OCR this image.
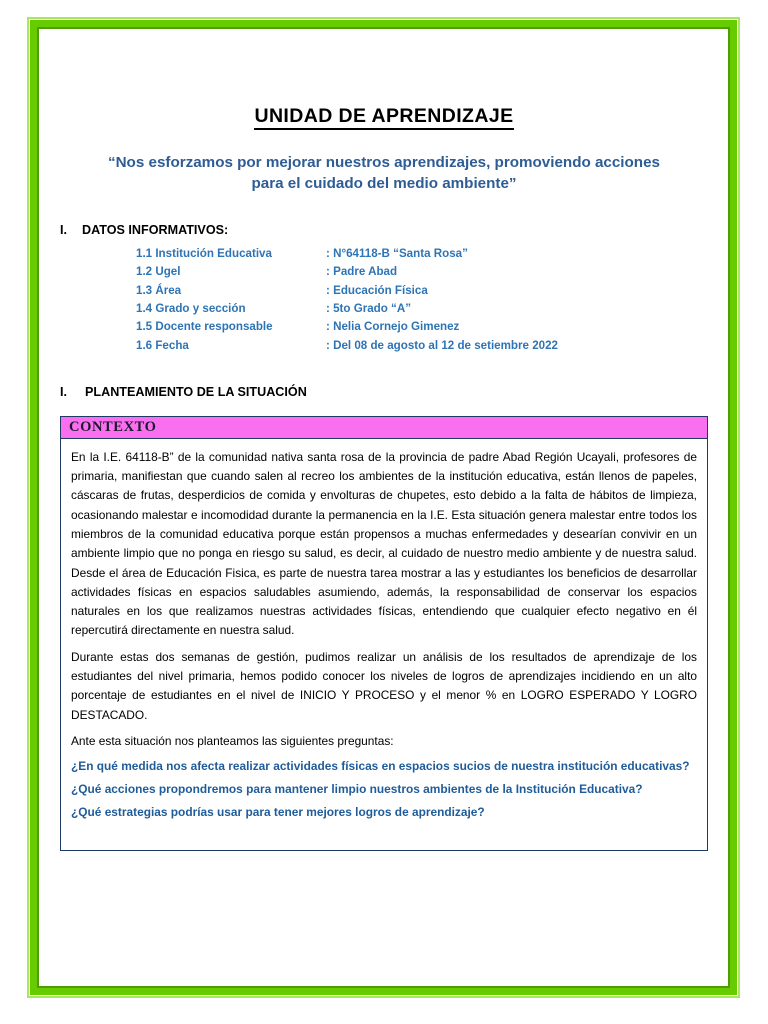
UNIDAD DE APRENDIZAJE

“Nos esforzamos por mejorar nuestros aprendizajes, promoviendo acciones para el cuidado del medio ambiente”

I. DATOS INFORMATIVOS:
1.1 Institución Educativa	: N°64118-B “Santa Rosa”
1.2 Ugel	: Padre Abad
1.3 Área	: Educación Física
1.4 Grado y sección	: 5to Grado “A”
1.5 Docente responsable	: Nelia Cornejo Gimenez
1.6 Fecha	: Del 08 de agosto al 12 de setiembre 2022
I. PLANTEAMIENTO DE LA SITUACIÓN
CONTEXTO

En la I.E. 64118-B” de la comunidad nativa santa rosa de la provincia de padre Abad Región Ucayali, profesores de primaria, manifiestan que cuando salen al recreo los ambientes de la institución educativa, están llenos de papeles, cáscaras de frutas, desperdicios de comida y envolturas de chupetes, esto debido a la falta de hábitos de limpieza, ocasionando malestar e incomodidad durante la permanencia en la I.E. Esta situación genera malestar entre todos los miembros de la comunidad educativa porque están propensos a muchas enfermedades y desearían convivir en un ambiente limpio que no ponga en riesgo su salud, es decir, al cuidado de nuestro medio ambiente y de nuestra salud. Desde el área de Educación Fisica, es parte de nuestra tarea mostrar a las y estudiantes los beneficios de desarrollar actividades físicas en espacios saludables asumiendo, además, la responsabilidad de conservar los espacios naturales en los que realizamos nuestras actividades físicas, entendiendo que cualquier efecto negativo en él repercutirá directamente en nuestra salud.

Durante estas dos semanas de gestión, pudimos realizar un análisis de los resultados de aprendizaje de los estudiantes del nivel primaria, hemos podido conocer los niveles de logros de aprendizajes incidiendo en un alto porcentaje de estudiantes en el nivel de INICIO Y PROCESO y el menor % en LOGRO ESPERADO Y LOGRO DESTACADO.

Ante esta situación nos planteamos las siguientes preguntas:

¿En qué medida nos afecta realizar actividades físicas en espacios sucios de nuestra institución educativas?

¿Qué acciones propondremos para mantener limpio nuestros ambientes de la Institución Educativa?

¿Qué estrategias podrías usar para tener mejores logros de aprendizaje?
